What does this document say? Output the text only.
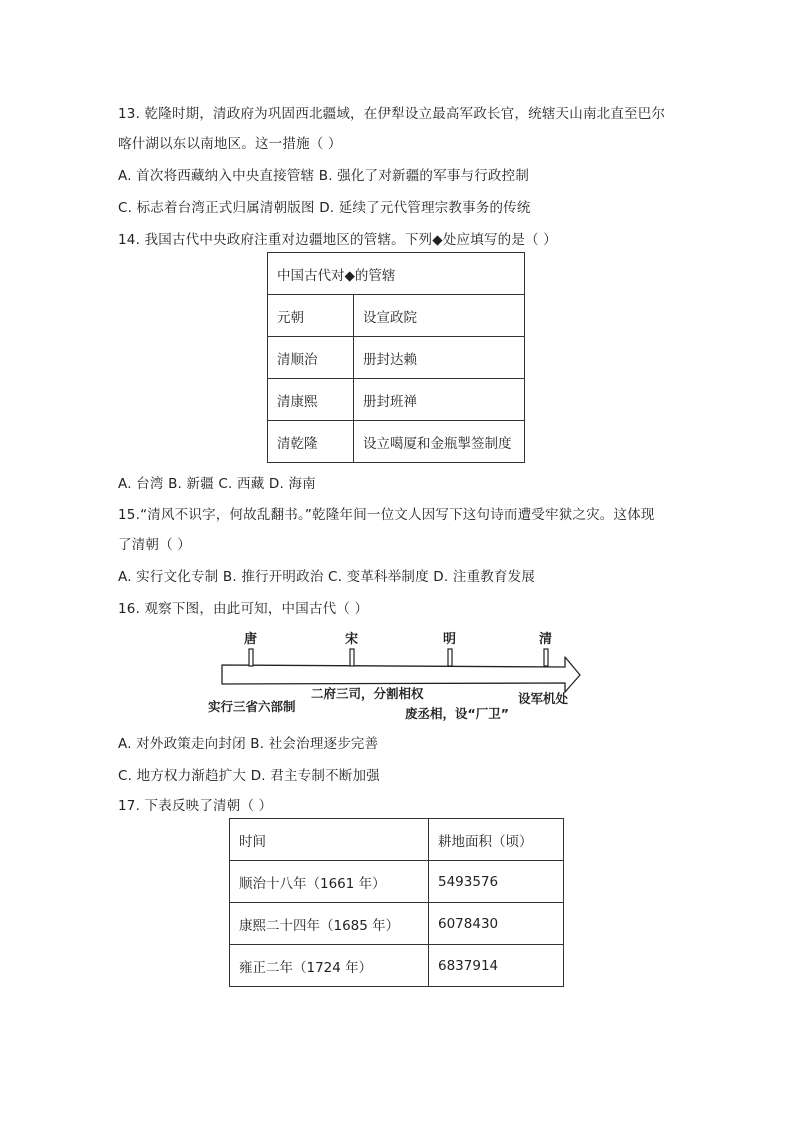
13. 乾隆时期，清政府为巩固西北疆域，在伊犁设立最高军政长官，统辖天山南北直至巴尔
喀什湖以东以南地区。这一措施（ ）
A. 首次将西藏纳入中央直接管辖 B. 强化了对新疆的军事与行政控制
C. 标志着台湾正式归属清朝版图 D. 延续了元代管理宗教事务的传统
14. 我国古代中央政府注重对边疆地区的管辖。下列◆处应填写的是（ ）
中国古代对◆的管辖	
元朝	设宣政院
清顺治	册封达赖
清康熙	册封班禅
清乾隆	设立噶厦和金瓶掣签制度
A. 台湾 B. 新疆 C. 西藏 D. 海南
15.“清风不识字，何故乱翻书。”乾隆年间一位文人因写下这句诗而遭受牢狱之灾。这体现
了清朝（ ）
A. 实行文化专制 B. 推行开明政治 C. 变革科举制度 D. 注重教育发展
16. 观察下图，由此可知，中国古代（ ）
唐	宋	明	清
实行三省六部制
二府三司，分割相权
废丞相，设“厂卫”
设军机处
A. 对外政策走向封闭 B. 社会治理逐步完善
C. 地方权力渐趋扩大 D. 君主专制不断加强
17. 下表反映了清朝（ ）
时间	耕地面积（顷）
顺治十八年（1661 年）	5493576
康熙二十四年（1685 年）	6078430
雍正二年（1724 年）	6837914
